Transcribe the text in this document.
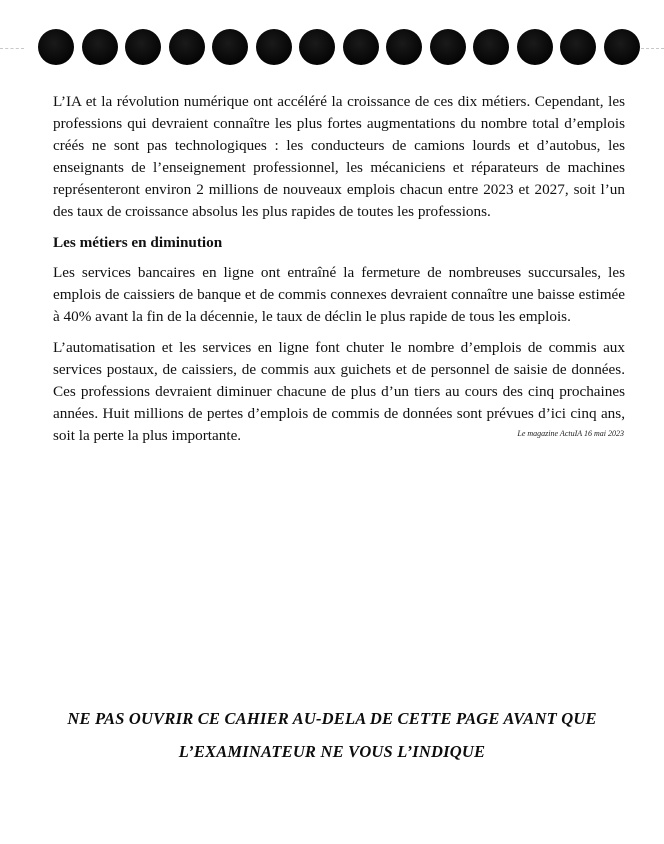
L’IA et la révolution numérique ont accéléré la croissance de ces dix métiers. Cependant, les professions qui devraient connaître les plus fortes augmentations du nombre total d’emplois créés ne sont pas technologiques : les conducteurs de camions lourds et d’autobus, les enseignants de l’enseignement professionnel, les mécaniciens et réparateurs de machines représenteront environ 2 millions de nouveaux emplois chacun entre 2023 et 2027, soit l’un des taux de croissance absolus les plus rapides de toutes les professions.

Les métiers en diminution

Les services bancaires en ligne ont entraîné la fermeture de nombreuses succursales, les emplois de caissiers de banque et de commis connexes devraient connaître une baisse estimée à 40% avant la fin de la décennie, le taux de déclin le plus rapide de tous les emplois.

L’automatisation et les services en ligne font chuter le nombre d’emplois de commis aux services postaux, de caissiers, de commis aux guichets et de personnel de saisie de données. Ces professions devraient diminuer chacune de plus d’un tiers au cours des cinq prochaines années. Huit millions de pertes d’emplois de commis de données sont prévues d’ici cinq ans, soit la perte la plus importante.	Le magazine ActuIA 16 mai 2023
NE PAS OUVRIR CE CAHIER AU-DELA DE CETTE PAGE AVANT QUE
L’EXAMINATEUR NE VOUS L’INDIQUE
